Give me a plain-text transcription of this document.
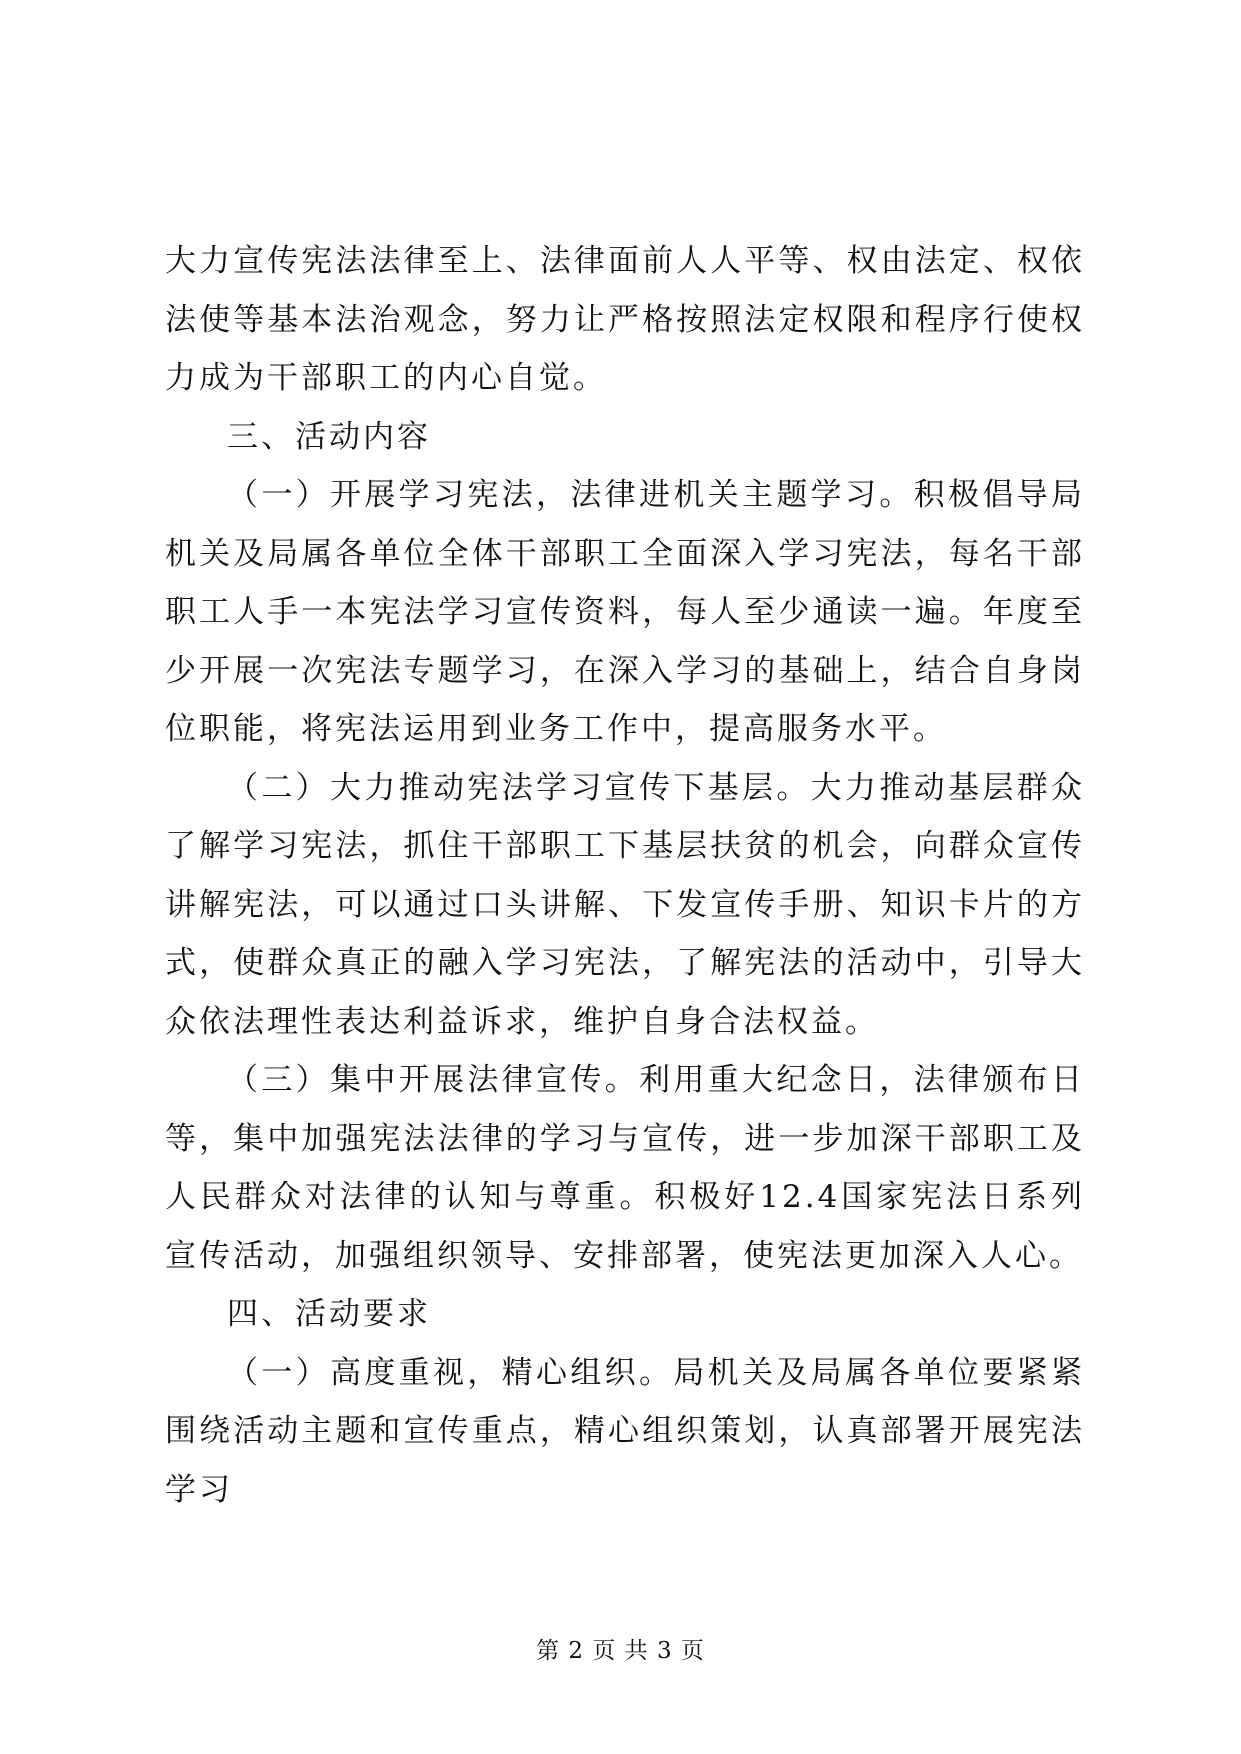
大力宣传宪法法律至上、法律面前人人平等、权由法定、权依法使等基本法治观念，努力让严格按照法定权限和程序行使权力成为干部职工的内心自觉。

三、活动内容

（一）开展学习宪法，法律进机关主题学习。积极倡导局机关及局属各单位全体干部职工全面深入学习宪法，每名干部职工人手一本宪法学习宣传资料，每人至少通读一遍。年度至少开展一次宪法专题学习，在深入学习的基础上，结合自身岗位职能，将宪法运用到业务工作中，提高服务水平。

（二）大力推动宪法学习宣传下基层。大力推动基层群众了解学习宪法，抓住干部职工下基层扶贫的机会，向群众宣传讲解宪法，可以通过口头讲解、下发宣传手册、知识卡片的方式，使群众真正的融入学习宪法，了解宪法的活动中，引导大众依法理性表达利益诉求，维护自身合法权益。

（三）集中开展法律宣传。利用重大纪念日，法律颁布日等，集中加强宪法法律的学习与宣传，进一步加深干部职工及人民群众对法律的认知与尊重。积极好12.4国家宪法日系列宣传活动，加强组织领导、安排部署，使宪法更加深入人心。

四、活动要求

（一）高度重视，精心组织。局机关及局属各单位要紧紧围绕活动主题和宣传重点，精心组织策划，认真部署开展宪法学习

第 2 页 共 3 页
